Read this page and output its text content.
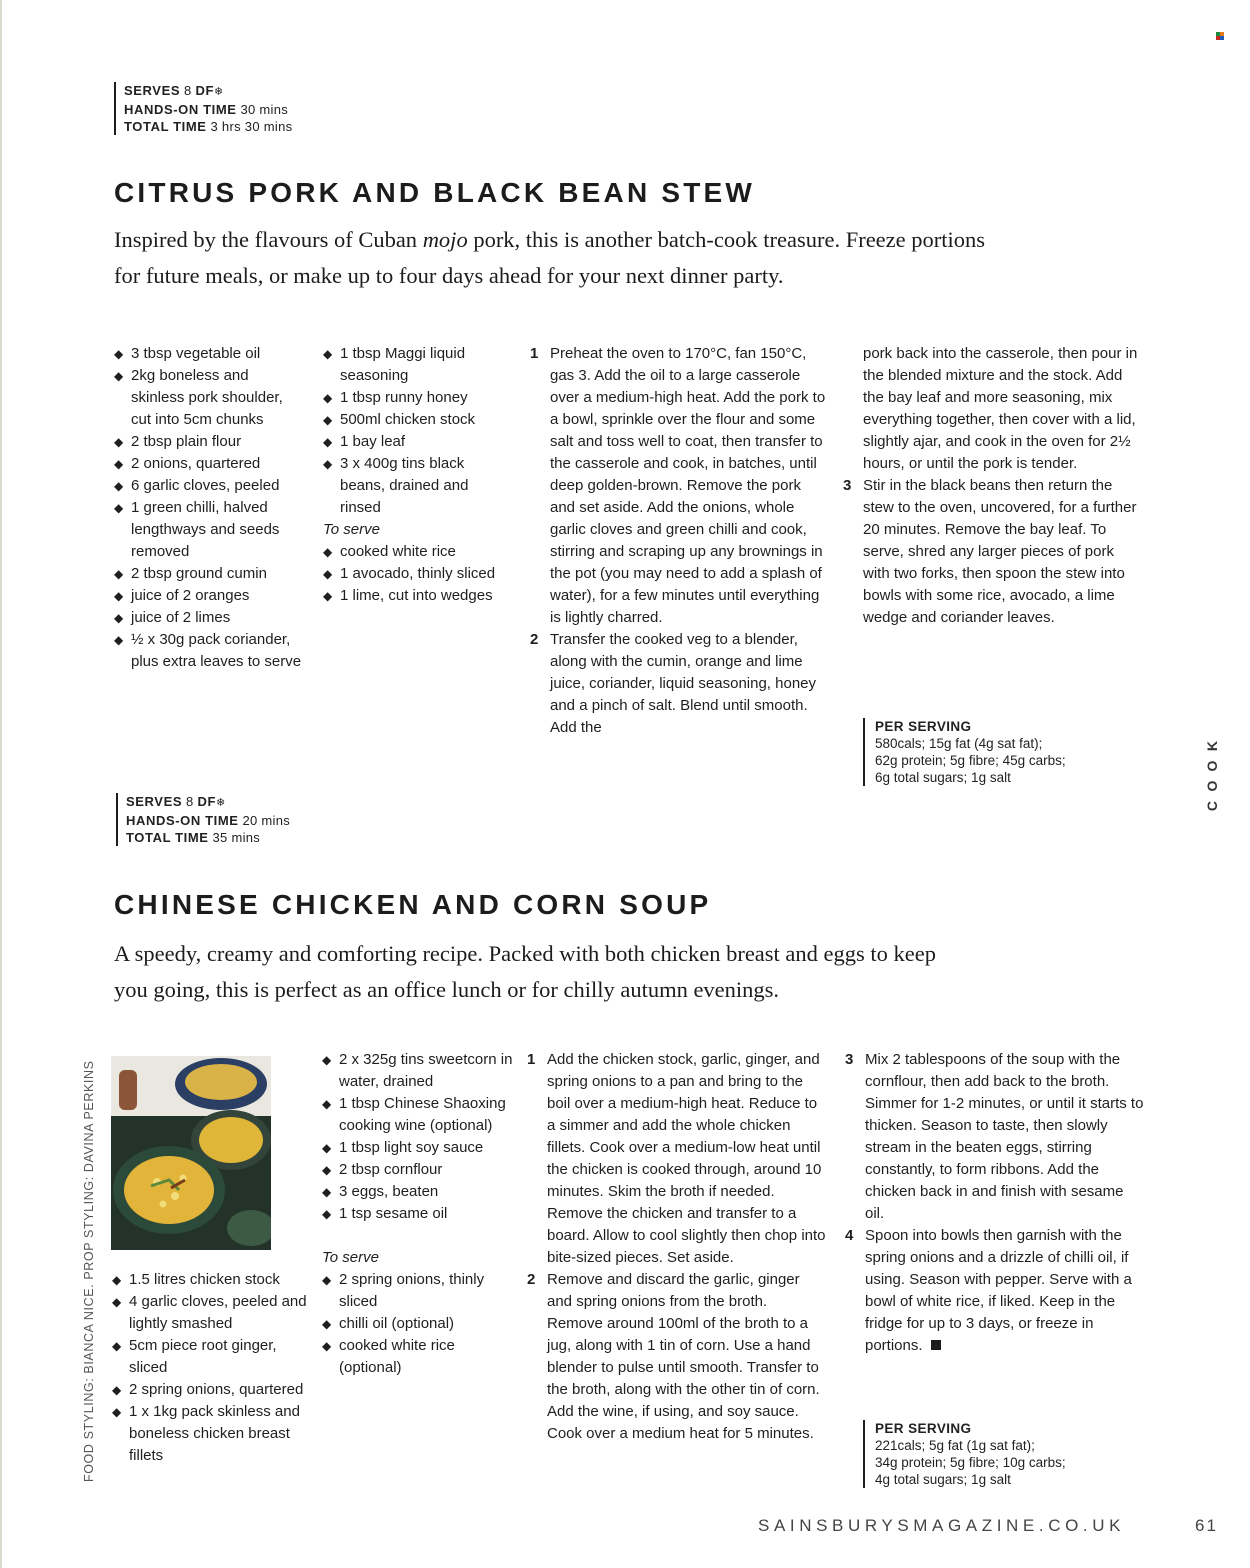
SERVES 8 DF❄
HANDS-ON TIME 30 mins
TOTAL TIME 3 hrs 30 mins
CITRUS PORK AND BLACK BEAN STEW

Inspired by the flavours of Cuban mojo pork, this is another batch-cook treasure. Freeze portions for future meals, or make up to four days ahead for your next dinner party.

◆ 3 tbsp vegetable oil
◆ 2kg boneless and skinless pork shoulder, cut into 5cm chunks
◆ 2 tbsp plain flour
◆ 2 onions, quartered
◆ 6 garlic cloves, peeled
◆ 1 green chilli, halved lengthways and seeds removed
◆ 2 tbsp ground cumin
◆ juice of 2 oranges
◆ juice of 2 limes
◆ ½ x 30g pack coriander, plus extra leaves to serve
◆ 1 tbsp Maggi liquid seasoning
◆ 1 tbsp runny honey
◆ 500ml chicken stock
◆ 1 bay leaf
◆ 3 x 400g tins black beans, drained and rinsed
To serve
◆ cooked white rice
◆ 1 avocado, thinly sliced
◆ 1 lime, cut into wedges
1 Preheat the oven to 170°C, fan 150°C, gas 3. Add the oil to a large casserole over a medium-high heat. Add the pork to a bowl, sprinkle over the flour and some salt and toss well to coat, then transfer to the casserole and cook, in batches, until deep golden-brown. Remove the pork and set aside. Add the onions, whole garlic cloves and green chilli and cook, stirring and scraping up any brownings in the pot (you may need to add a splash of water), for a few minutes until everything is lightly charred.
2 Transfer the cooked veg to a blender, along with the cumin, orange and lime juice, coriander, liquid seasoning, honey and a pinch of salt. Blend until smooth. Add the
pork back into the casserole, then pour in the blended mixture and the stock. Add the bay leaf and more seasoning, mix everything together, then cover with a lid, slightly ajar, and cook in the oven for 2½ hours, or until the pork is tender.
3 Stir in the black beans then return the stew to the oven, uncovered, for a further 20 minutes. Remove the bay leaf. To serve, shred any larger pieces of pork with two forks, then spoon the stew into bowls with some rice, avocado, a lime wedge and coriander leaves.
PER SERVING
580cals; 15g fat (4g sat fat);
62g protein; 5g fibre; 45g carbs;
6g total sugars; 1g salt
SERVES 8 DF❄
HANDS-ON TIME 20 mins
TOTAL TIME 35 mins
CHINESE CHICKEN AND CORN SOUP

A speedy, creamy and comforting recipe. Packed with both chicken breast and eggs to keep you going, this is perfect as an office lunch or for chilly autumn evenings.

◆ 1.5 litres chicken stock
◆ 4 garlic cloves, peeled and lightly smashed
◆ 5cm piece root ginger, sliced
◆ 2 spring onions, quartered
◆ 1 x 1kg pack skinless and boneless chicken breast fillets
◆ 2 x 325g tins sweetcorn in water, drained
◆ 1 tbsp Chinese Shaoxing cooking wine (optional)
◆ 1 tbsp light soy sauce
◆ 2 tbsp cornflour
◆ 3 eggs, beaten
◆ 1 tsp sesame oil
To serve
◆ 2 spring onions, thinly sliced
◆ chilli oil (optional)
◆ cooked white rice (optional)
1 Add the chicken stock, garlic, ginger, and spring onions to a pan and bring to the boil over a medium-high heat. Reduce to a simmer and add the whole chicken fillets. Cook over a medium-low heat until the chicken is cooked through, around 10 minutes. Skim the broth if needed. Remove the chicken and transfer to a board. Allow to cool slightly then chop into bite-sized pieces. Set aside.
2 Remove and discard the garlic, ginger and spring onions from the broth. Remove around 100ml of the broth to a jug, along with 1 tin of corn. Use a hand blender to pulse until smooth. Transfer to the broth, along with the other tin of corn. Add the wine, if using, and soy sauce. Cook over a medium heat for 5 minutes.
3 Mix 2 tablespoons of the soup with the cornflour, then add back to the broth. Simmer for 1-2 minutes, or until it starts to thicken. Season to taste, then slowly stream in the beaten eggs, stirring constantly, to form ribbons. Add the chicken back in and finish with sesame oil.
4 Spoon into bowls then garnish with the spring onions and a drizzle of chilli oil, if using. Season with pepper. Serve with a bowl of white rice, if liked. Keep in the fridge for up to 3 days, or freeze in portions.
PER SERVING
221cals; 5g fat (1g sat fat);
34g protein; 5g fibre; 10g carbs;
4g total sugars; 1g salt
FOOD STYLING: BIANCA NICE. PROP STYLING: DAVINA PERKINS
K
O
O
C
SAINSBURYSMAGAZINE.CO.UK	61
